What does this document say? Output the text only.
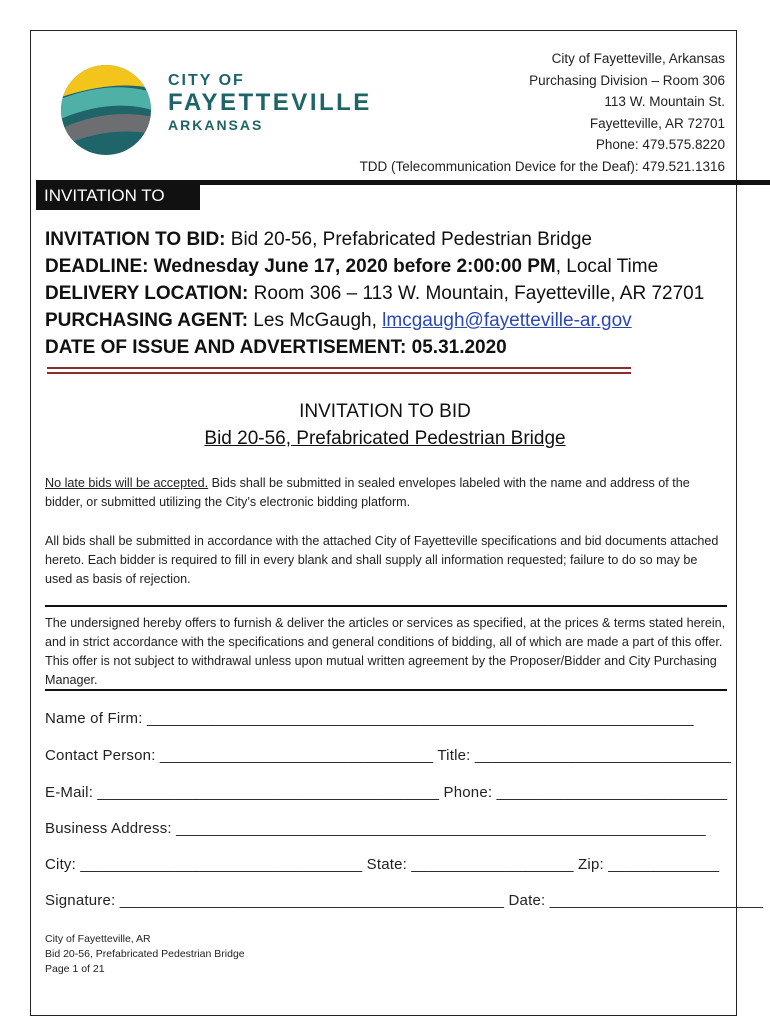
CITY OF
FAYETTEVILLE
ARKANSAS
City of Fayetteville, Arkansas
Purchasing Division – Room 306
113 W. Mountain St.
Fayetteville, AR 72701
Phone: 479.575.8220
TDD (Telecommunication Device for the Deaf): 479.521.1316
INVITATION TO
INVITATION TO BID: Bid 20-56, Prefabricated Pedestrian Bridge
DEADLINE: Wednesday June 17, 2020 before 2:00:00 PM, Local Time
DELIVERY LOCATION: Room 306 – 113 W. Mountain, Fayetteville, AR 72701
PURCHASING AGENT: Les McGaugh, lmcgaugh@fayetteville-ar.gov
DATE OF ISSUE AND ADVERTISEMENT: 05.31.2020
INVITATION TO BID
Bid 20-56, Prefabricated Pedestrian Bridge
No late bids will be accepted. Bids shall be submitted in sealed envelopes labeled with the name and address of the bidder, or submitted utilizing the City’s electronic bidding platform.
All bids shall be submitted in accordance with the attached City of Fayetteville specifications and bid documents attached hereto. Each bidder is required to fill in every blank and shall supply all information requested; failure to do so may be used as basis of rejection.
The undersigned hereby offers to furnish & deliver the articles or services as specified, at the prices & terms stated herein, and in strict accordance with the specifications and general conditions of bidding, all of which are made a part of this offer. This offer is not subject to withdrawal unless upon mutual written agreement by the Proposer/Bidder and City Purchasing Manager.
Name of Firm: ________________________________________________________________
Contact Person: ________________________________ Title: ______________________________
E-Mail: ________________________________________ Phone: ___________________________
Business Address: ______________________________________________________________
City: _________________________________ State: ___________________ Zip: _____________
Signature: _____________________________________________ Date: _________________________
City of Fayetteville, AR
Bid 20-56, Prefabricated Pedestrian Bridge
Page 1 of 21
